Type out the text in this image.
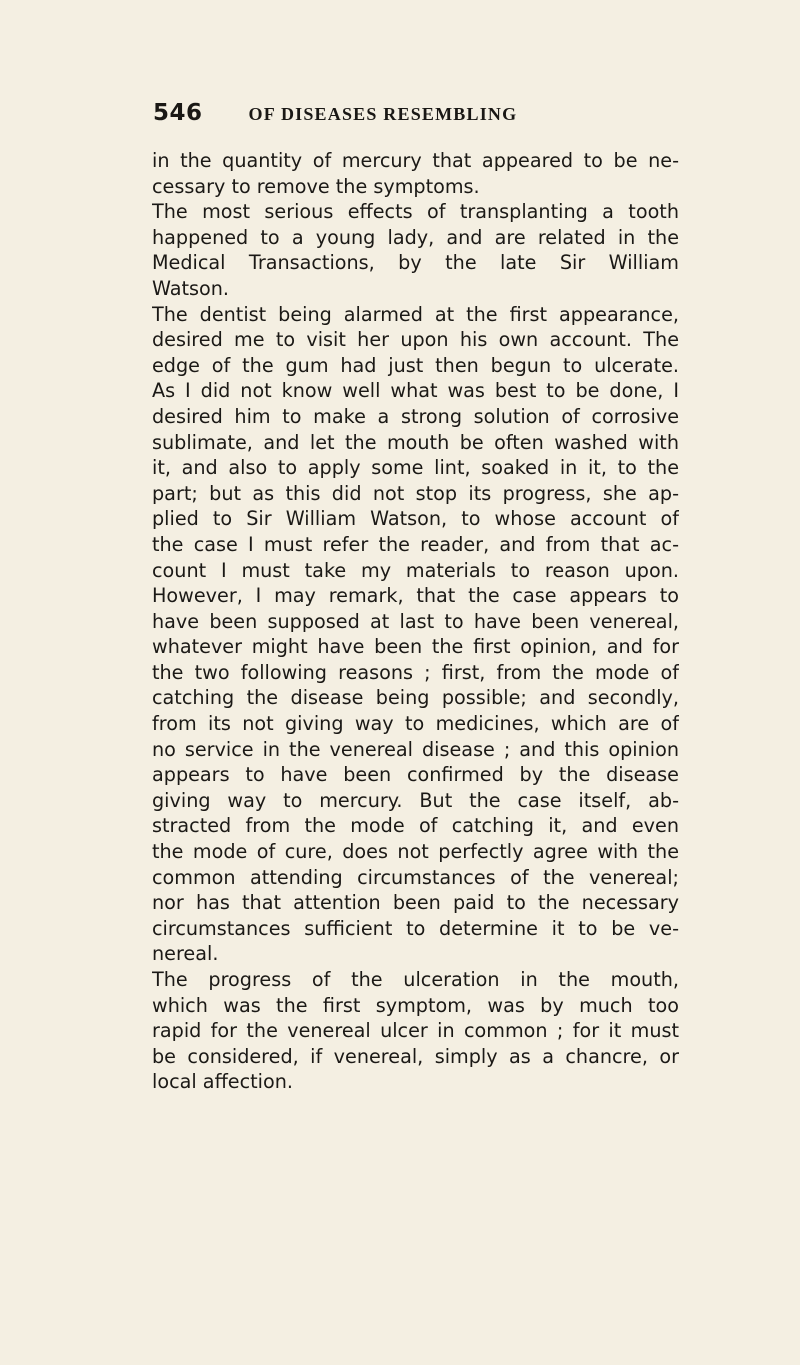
546	OF DISEASES RESEMBLING
in the quantity of mercury that appeared to be ne-
cessary to remove the symptoms.
The most serious effects of transplanting a tooth
happened to a young lady, and are related in the
Medical Transactions, by the late Sir William
Watson.
The dentist being alarmed at the first appearance,
desired me to visit her upon his own account. The
edge of the gum had just then begun to ulcerate.
As I did not know well what was best to be done, I
desired him to make a strong solution of corrosive
sublimate, and let the mouth be often washed with
it, and also to apply some lint, soaked in it, to the
part; but as this did not stop its progress, she ap-
plied to Sir William Watson, to whose account of
the case I must refer the reader, and from that ac-
count I must take my materials to reason upon.
However, I may remark, that the case appears to
have been supposed at last to have been venereal,
whatever might have been the first opinion, and for
the two following reasons ; first, from the mode of
catching the disease being possible; and secondly,
from its not giving way to medicines, which are of
no service in the venereal disease ; and this opinion
appears to have been confirmed by the disease
giving way to mercury. But the case itself, ab-
stracted from the mode of catching it, and even
the mode of cure, does not perfectly agree with the
common attending circumstances of the venereal;
nor has that attention been paid to the necessary
circumstances sufficient to determine it to be ve-
nereal.
The progress of the ulceration in the mouth,
which was the first symptom, was by much too
rapid for the venereal ulcer in common ; for it must
be considered, if venereal, simply as a chancre, or
local affection.
